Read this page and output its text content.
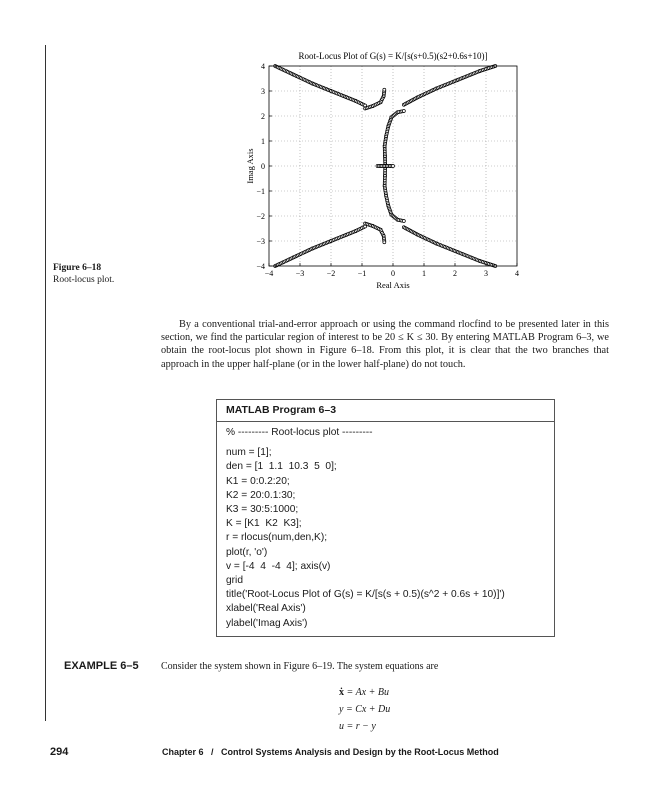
Figure 6–18
Root-locus plot.
Root-Locus Plot of G(s) = K/[s(s+0.5)(s2+0.6s+10)]
−4	−3	−2	−1	0	1	2	3	4
−4
−3
−2
−1
0
1
2
3
4
Real Axis
Imag Axis
By a conventional trial-and-error approach or using the command rlocfind to be presented later in this section, we find the particular region of interest to be 20 ≤ K ≤ 30. By entering MATLAB Program 6–3, we obtain the root-locus plot shown in Figure 6–18. From this plot, it is clear that the two branches that approach in the upper half-plane (or in the lower half-plane) do not touch.
MATLAB Program 6–3
% --------- Root-locus plot ---------
num = [1];
den = [1  1.1  10.3  5  0];
K1 = 0:0.2:20;
K2 = 20:0.1:30;
K3 = 30:5:1000;
K = [K1  K2  K3];
r = rlocus(num,den,K);
plot(r, 'o')
v = [-4  4  -4  4]; axis(v)
grid
title('Root-Locus Plot of G(s) = K/[s(s + 0.5)(s^2 + 0.6s + 10)]')
xlabel('Real Axis')
ylabel('Imag Axis')
EXAMPLE 6–5 Consider the system shown in Figure 6–19. The system equations are
ẋ = Ax + Bu
y = Cx + Du
u = r − y
294	Chapter 6   /   Control Systems Analysis and Design by the Root-Locus Method
